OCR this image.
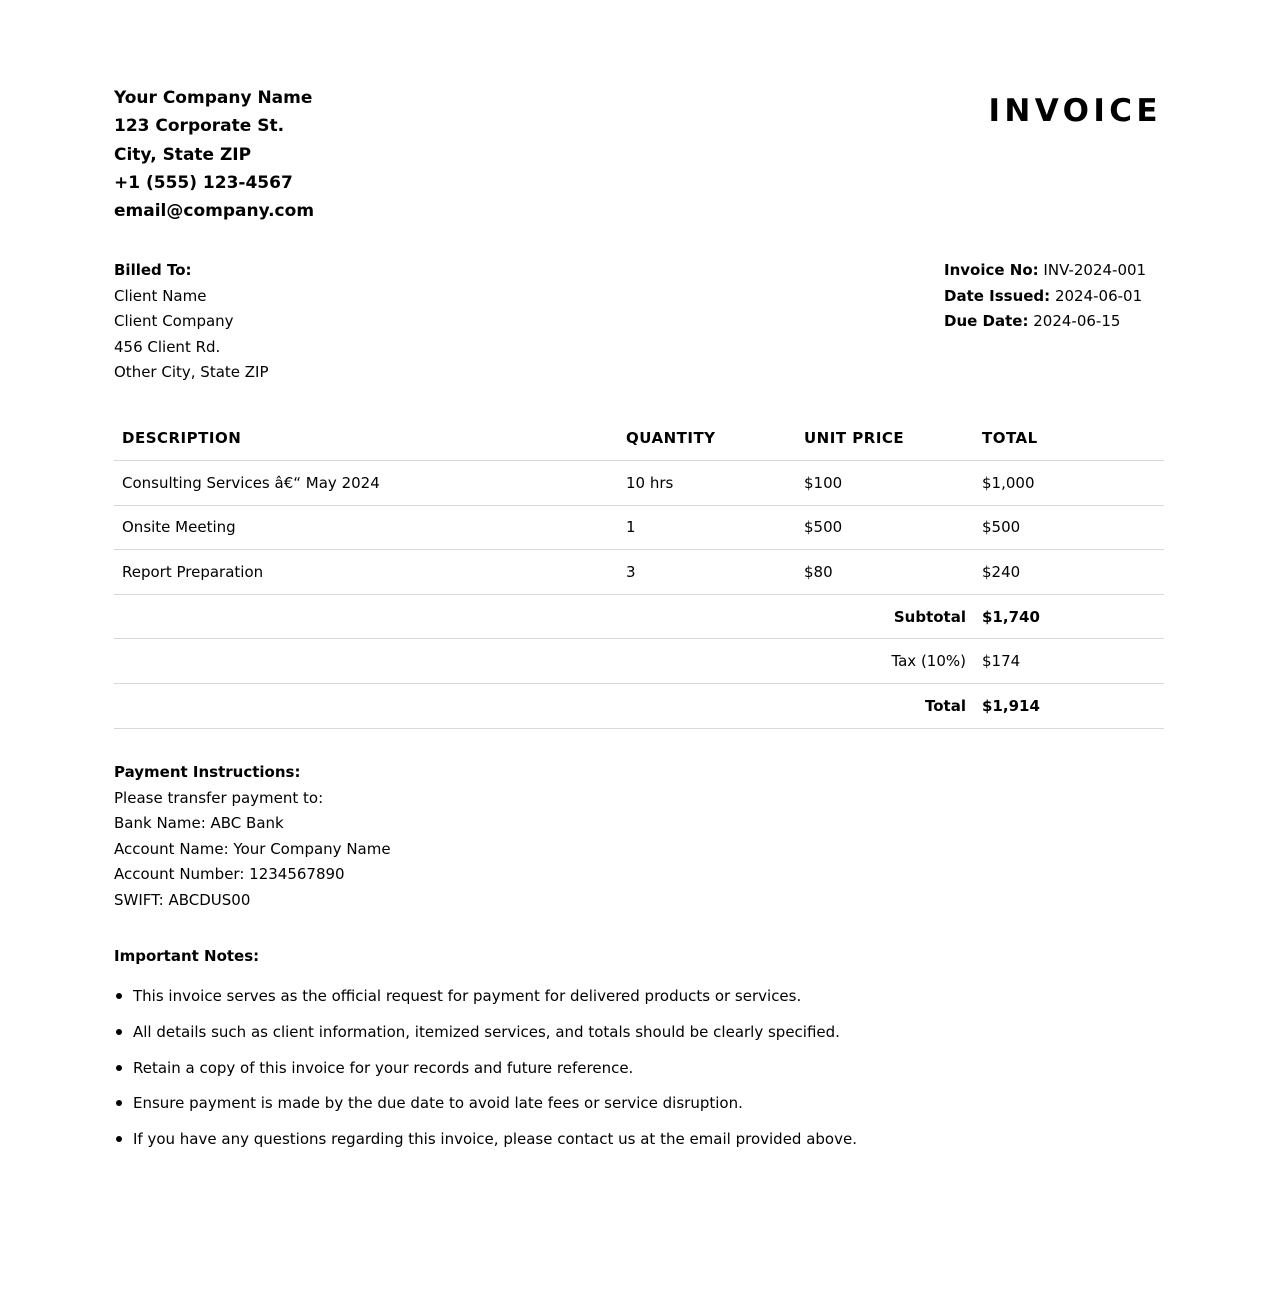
Your Company Name
123 Corporate St.
City, State ZIP
+1 (555) 123-4567
email@company.com
INVOICE
Billed To:
Client Name
Client Company
456 Client Rd.
Other City, State ZIP
Invoice No: INV-2024-001
Date Issued: 2024-06-01
Due Date: 2024-06-15
DESCRIPTION	QUANTITY	UNIT PRICE	TOTAL
Consulting Services â€“ May 2024	10 hrs	$100	$1,000
Onsite Meeting	1	$500	$500
Report Preparation	3	$80	$240
Subtotal			$1,740
Tax (10%)			$174
Total			$1,914
Payment Instructions:
Please transfer payment to:
Bank Name: ABC Bank
Account Name: Your Company Name
Account Number: 1234567890
SWIFT: ABCDUS00
Important Notes:
This invoice serves as the official request for payment for delivered products or services.
All details such as client information, itemized services, and totals should be clearly specified.
Retain a copy of this invoice for your records and future reference.
Ensure payment is made by the due date to avoid late fees or service disruption.
If you have any questions regarding this invoice, please contact us at the email provided above.
